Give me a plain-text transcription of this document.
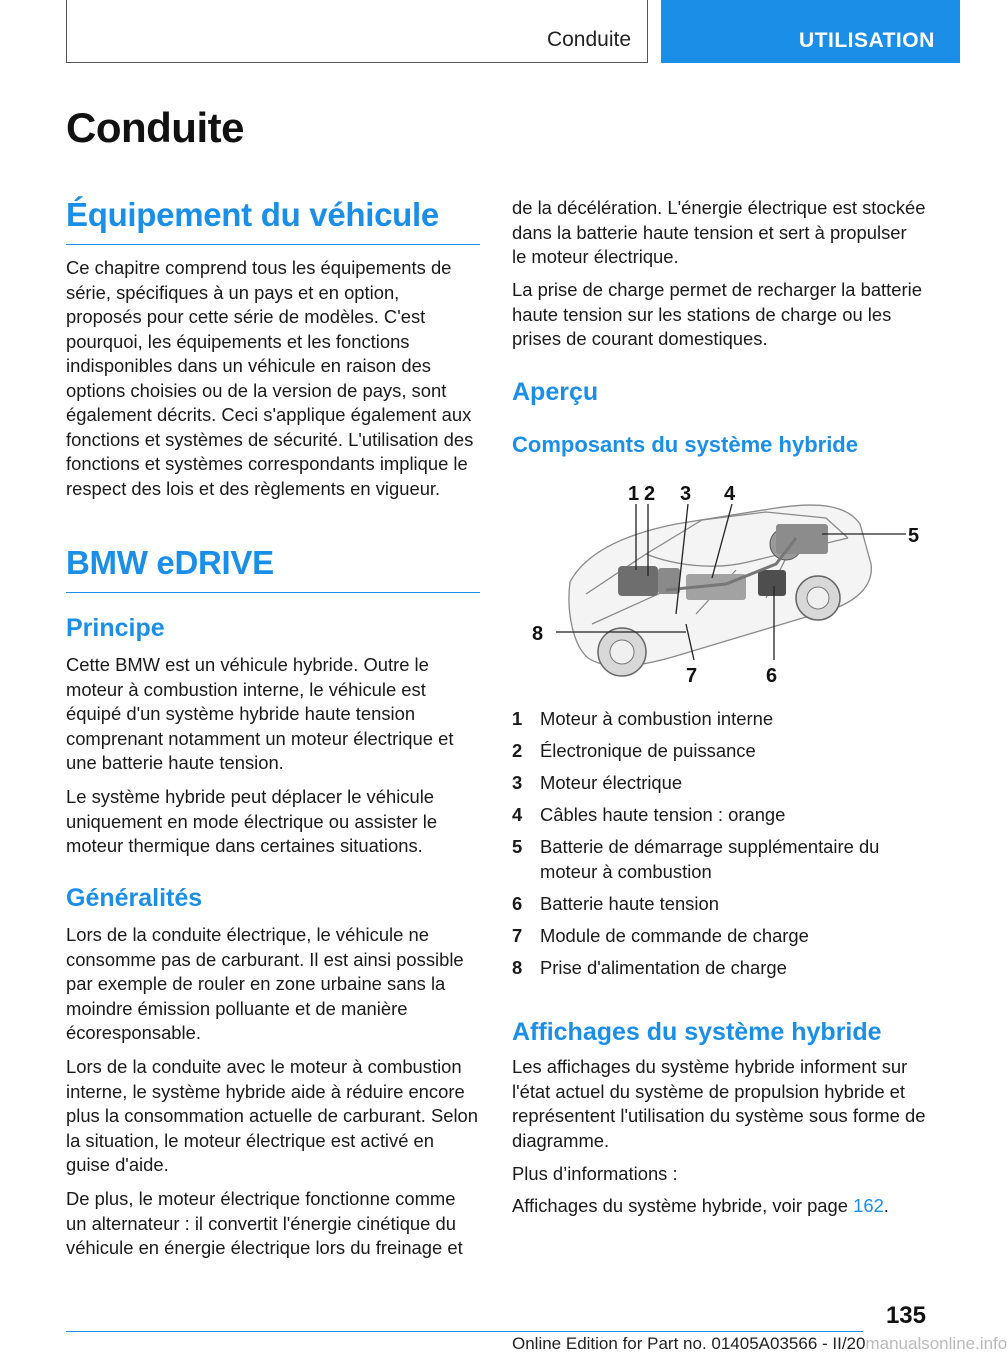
Conduite	UTILISATION
Conduite
Équipement du véhicule

Ce chapitre comprend tous les équipements de série, spécifiques à un pays et en option, proposés pour cette série de modèles. C'est pourquoi, les équipements et les fonctions indisponibles dans un véhicule en raison des options choisies ou de la version de pays, sont également décrits. Ceci s'applique également aux fonctions et systèmes de sécurité. L'utilisation des fonctions et systèmes correspondants implique le respect des lois et des règlements en vigueur.

BMW eDRIVE
Principe

Cette BMW est un véhicule hybride. Outre le moteur à combustion interne, le véhicule est équipé d'un système hybride haute tension comprenant notamment un moteur électrique et une batterie haute tension.

Le système hybride peut déplacer le véhicule uniquement en mode électrique ou assister le moteur thermique dans certaines situations.

Généralités

Lors de la conduite électrique, le véhicule ne consomme pas de carburant. Il est ainsi possible par exemple de rouler en zone urbaine sans la moindre émission polluante et de manière écoresponsable.

Lors de la conduite avec le moteur à combustion interne, le système hybride aide à réduire encore plus la consommation actuelle de carburant. Selon la situation, le moteur électrique est activé en guise d'aide.

De plus, le moteur électrique fonctionne comme un alternateur : il convertit l'énergie cinétique du véhicule en énergie électrique lors du freinage et

de la décélération. L'énergie électrique est stockée dans la batterie haute tension et sert à propulser le moteur électrique.

La prise de charge permet de recharger la batterie haute tension sur les stations de charge ou les prises de courant domestiques.

Aperçu
Composants du système hybride
1 2 3 4
5
6
7
8
1 Moteur à combustion interne
2 Électronique de puissance
3 Moteur électrique
4 Câbles haute tension : orange
5 Batterie de démarrage supplémentaire du moteur à combustion
6 Batterie haute tension
7 Module de commande de charge
8 Prise d'alimentation de charge
Affichages du système hybride

Les affichages du système hybride informent sur l'état actuel du système de propulsion hybride et représentent l'utilisation du système sous forme de diagramme.

Plus d’informations :

Affichages du système hybride, voir page 162.

135
Online Edition for Part no. 01405A03566 - II/20manualsonline.info
